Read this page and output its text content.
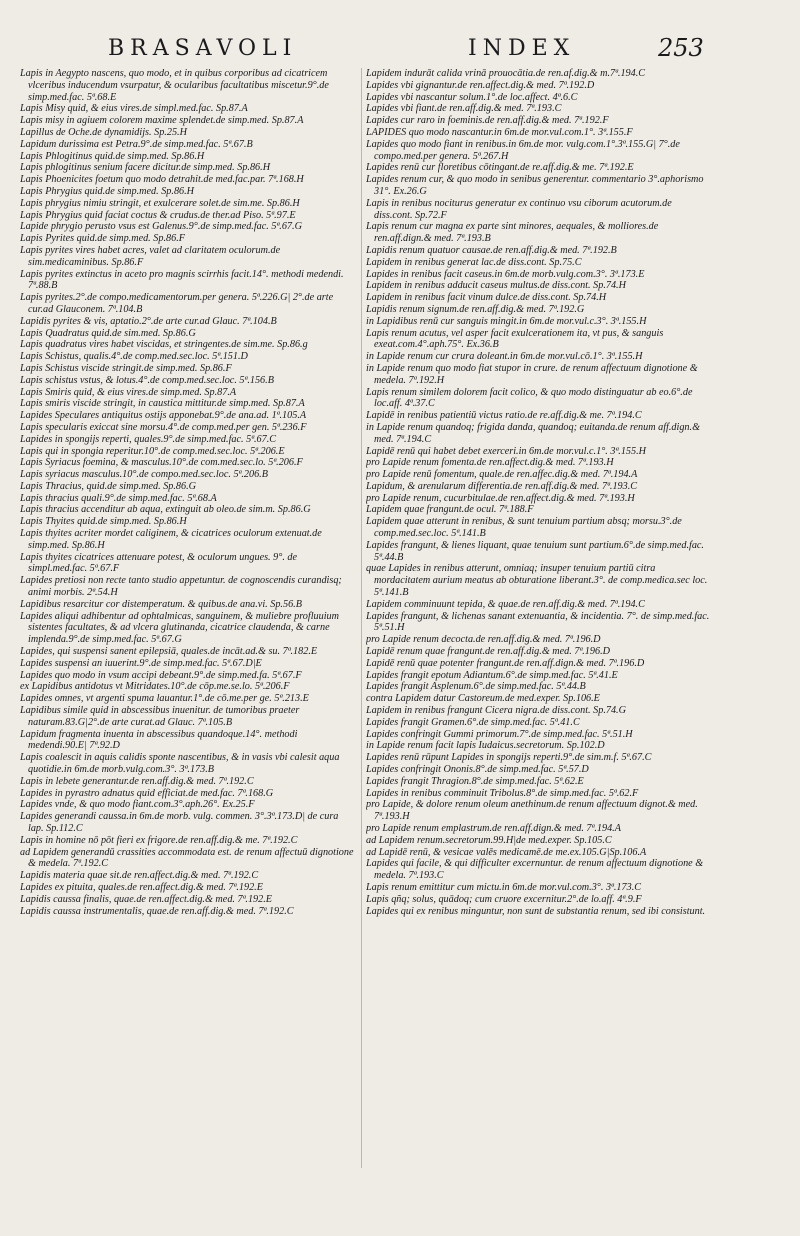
BRASAVOLI	INDEX	253

Lapis in Aegypto nascens, quo modo, et in quibus corporibus ad cicatricem vlceribus inducendum vsurpatur, & ocularibus facultatibus miscetur.9°.de simp.med.fac. 5ª.68.E

Lapis Misy quid, & eius vires.de simpl.med.fac. Sp.87.A

Lapis misy in agiuem colorem maxime splendet.de simp.med. Sp.87.A

Lapillus de Oche.de dynamidijs. Sp.25.H

Lapidum durissima est Petra.9°.de simp.med.fac. 5ª.67.B

Lapis Phlogitinus quid.de simp.med. Sp.86.H

Lapis phlogitinus senium facere dicitur.de simp.med. Sp.86.H

Lapis Phoenicites foetum quo modo detrahit.de med.fac.par. 7ª.168.H

Lapis Phrygius quid.de simp.med. Sp.86.H

Lapis phrygius nimiu stringit, et exulcerare solet.de sim.me. Sp.86.H

Lapis Phrygius quid faciat coctus & crudus.de ther.ad Piso. 5ª.97.E

Lapide phrygio perusto vsus est Galenus.9°.de simp.med.fac. 5ª.67.G

Lapis Pyrites quid.de simp.med. Sp.86.F

Lapis pyrites vires habet acres, valet ad claritatem oculorum.de sim.medicaminibus. Sp.86.F

Lapis pyrites extinctus in aceto pro magnis scirrhis facit.14°. methodi medendi. 7ª.88.B

Lapis pyrites.2°.de compo.medicamentorum.per genera. 5ª.226.G| 2°.de arte cur.ad Glauconem. 7ª.104.B

Lapidis pyrites & vis, aptatio.2°.de arte cur.ad Glauc. 7ª.104.B

Lapis Quadratus quid.de sim.med. Sp.86.G

Lapis quadratus vires habet viscidas, et stringentes.de sim.me. Sp.86.g

Lapis Schistus, qualis.4°.de comp.med.sec.loc. 5ª.151.D

Lapis Schistus viscide stringit.de simp.med. Sp.86.F

Lapis schistus vstus, & lotus.4°.de comp.med.sec.loc. 5ª.156.B

Lapis Smiris quid, & eius vires.de simp.med. Sp.87.A

Lapis smiris viscide stringit, in caustica mittitur.de simp.med. Sp.87.A

Lapides Speculares antiquitus ostijs apponebat.9°.de ana.ad. 1ª.105.A

Lapis specularis exiccat sine morsu.4°.de comp.med.per gen. 5ª.236.F

Lapides in spongijs reperti, quales.9°.de simp.med.fac. 5ª.67.C

Lapis qui in spongia reperitur.10°.de comp.med.sec.loc. 5ª.206.E

Lapis Syriacus foemina, & masculus.10°.de com.med.sec.lo. 5ª.206.F

Lapis syriacus masculus.10°.de compo.med.sec.loc. 5ª.206.B

Lapis Thracius, quid.de simp.med. Sp.86.G

Lapis thracius quali.9°.de simp.med.fac. 5ª.68.A

Lapis thracius accenditur ab aqua, extinguit ab oleo.de sim.m. Sp.86.G

Lapis Thyites quid.de simp.med. Sp.86.H

Lapis thyites acriter mordet caliginem, & cicatrices oculorum extenuat.de simp.med. Sp.86.H

Lapis thyites cicatrices attenuare potest, & oculorum ungues. 9°. de simpl.med.fac. 5ª.67.F

Lapides pretiosi non recte tanto studio appetuntur. de cognoscendis curandisq; animi morbis. 2ª.54.H

Lapidibus resarcitur cor distemperatum. & quibus.de ana.vi. Sp.56.B

Lapides aliqui adhibentur ad ophtalmicas, sanguinem, & muliebre profluuium sistentes facultates, & ad vlcera glutinanda, cicatrice claudenda, & carne implenda.9°.de simp.med.fac. 5ª.67.G

Lapides, qui suspensi sanent epilepsiā, quales.de incāt.ad.& su. 7ª.182.E

Lapides suspensi an iuuerint.9°.de simp.med.fac. 5ª.67.D|E

Lapides quo modo in vsum accipi debeant.9°.de simp.med.fa. 5ª.67.F

ex Lapidibus antidotus vt Mitridates.10°.de cōp.me.se.lo. 5ª.206.F

Lapides omnes, vt argenti spuma lauantur.1°.de cō.me.per ge. 5ª.213.E

Lapidibus simile quid in abscessibus inuenitur. de tumoribus praeter naturam.83.G|2°.de arte curat.ad Glauc. 7ª.105.B

Lapidum fragmenta inuenta in abscessibus quandoque.14°. methodi medendi.90.E| 7ª.92.D

Lapis coalescit in aquis calidis sponte nascentibus, & in vasis vbi calesit aqua quotidie.in 6m.de morb.vulg.com.3°. 3ª.173.B

Lapis in lebete generantur.de ren.aff.dig.& med. 7ª.192.C

Lapides in pyrastro adnatus quid efficiat.de med.fac. 7ª.168.G

Lapides vnde, & quo modo fiant.com.3°.aph.26°. Ex.25.F

Lapides generandi caussa.in 6m.de morb. vulg. commen. 3°.3ª.173.D| de cura lap. Sp.112.C

Lapis in homine nō pōt fieri ex frigore.de ren.aff.dig.& me. 7ª.192.C

ad Lapidem generandū crassities accommodata est. de renum affectuū dignotione & medela. 7ª.192.C

Lapidis materia quae sit.de ren.affect.dig.& med. 7ª.192.C

Lapides ex pituita, quales.de ren.affect.dig.& med. 7ª.192.E

Lapidis caussa finalis, quae.de ren.affect.dig.& med. 7ª.192.E

Lapidis caussa instrumentalis, quae.de ren.aff.dig.& med. 7ª.192.C

Lapidem indurāt calida vrinā prouocātia.de ren.af.dig.& m.7ª.194.C

Lapides vbi gignantur.de ren.affect.dig.& med. 7ª.192.D

Lapides vbi nascantur solum.1°.de loc.affect. 4ª.6.C

Lapides vbi fiant.de ren.aff.dig.& med. 7ª.193.C

Lapides cur raro in foeminis.de ren.aff.dig.& med. 7ª.192.F

LAPIDES quo modo nascantur.in 6m.de mor.vul.com.1°. 3ª.155.F

Lapides quo modo fiant in renibus.in 6m.de mor. vulg.com.1°.3ª.155.G| 7°.de compo.med.per genera. 5ª.267.H

Lapides renū cur floretibus cōtingant.de re.aff.dig.& me. 7ª.192.E

Lapides renum cur, & quo modo in senibus generentur. commentario 3°.aphorismo 31°. Ex.26.G

Lapis in renibus nociturus generatur ex continuo vsu ciborum acutorum.de diss.cont. Sp.72.F

Lapis renum cur magna ex parte sint minores, aequales, & molliores.de ren.aff.dign.& med. 7ª.193.B

Lapidis renum quatuor causae.de ren.aff.dig.& med. 7ª.192.B

Lapidem in renibus generat lac.de diss.cont. Sp.75.C

Lapides in renibus facit caseus.in 6m.de morb.vulg.com.3°. 3ª.173.E

Lapidem in renibus adducit caseus multus.de diss.cont. Sp.74.H

Lapidem in renibus facit vinum dulce.de diss.cont. Sp.74.H

Lapidis renum signum.de ren.aff.dig.& med. 7ª.192.G

in Lapidibus renū cur sanguis mingit.in 6m.de mor.vul.c.3°. 3ª.155.H

Lapis renum acutus, vel asper facit exulcerationem ita, vt pus, & sanguis exeat.com.4°.aph.75°. Ex.36.B

in Lapide renum cur crura doleant.in 6m.de mor.vul.cō.1°. 3ª.155.H

in Lapide renum quo modo fiat stupor in crure. de renum affectuum dignotione & medela. 7ª.192.H

Lapis renum similem dolorem facit colico, & quo modo distinguatur ab eo.6°.de loc.aff. 4ª.37.C

Lapidē in renibus patientiū victus ratio.de re.aff.dig.& me. 7ª.194.C

in Lapide renum quandoq; frigida danda, quandoq; euitanda.de renum aff.dign.& med. 7ª.194.C

Lapidē renū qui habet debet exerceri.in 6m.de mor.vul.c.1°. 3ª.155.H

pro Lapide renum fomenta.de ren.affect.dig.& med. 7ª.193.H

pro Lapide renū fomentum, quale.de ren.affec.dig.& med. 7ª.194.A

Lapidum, & arenularum differentia.de ren.aff.dig.& med. 7ª.193.C

pro Lapide renum, cucurbitulae.de ren.affect.dig.& med. 7ª.193.H

Lapidem quae frangunt.de ocul. 7ª.188.F

Lapidem quae atterunt in renibus, & sunt tenuium partium absq; morsu.3°.de comp.med.sec.loc. 5ª.141.B

Lapides frangunt, & lienes liquant, quae tenuium sunt partium.6°.de simp.med.fac. 5ª.44.B

quae Lapides in renibus atterunt, omniaq; insuper tenuium partiū citra mordacitatem aurium meatus ab obturatione liberant.3°. de comp.medica.sec loc. 5ª.141.B

Lapidem comminuunt tepida, & quae.de ren.aff.dig.& med. 7ª.194.C

Lapides frangunt, & lichenas sanant extenuantia, & incidentia. 7°. de simp.med.fac. 5ª.51.H

pro Lapide renum decocta.de ren.aff.dig.& med. 7ª.196.D

Lapidē renum quae frangunt.de ren.aff.dig.& med. 7ª.196.D

Lapidē renū quae potenter frangunt.de ren.aff.dign.& med. 7ª.196.D

Lapides frangit epotum Adiantum.6°.de simp.med.fac. 5ª.41.E

Lapides frangit Asplenum.6°.de simp.med.fac. 5ª.44.B

contra Lapidem datur Castoreum.de med.exper. Sp.106.E

Lapidem in renibus frangunt Cicera nigra.de diss.cont. Sp.74.G

Lapides frangit Gramen.6°.de simp.med.fac. 5ª.41.C

Lapides confringit Gummi primorum.7°.de simp.med.fac. 5ª.51.H

in Lapide renum facit lapis Iudaicus.secretorum. Sp.102.D

Lapides renū rūpunt Lapides in spongijs reperti.9°.de sim.m.f. 5ª.67.C

Lapides confringit Ononis.8°.de simp.med.fac. 5ª.57.D

Lapides frangit Thragion.8°.de simp.med.fac. 5ª.62.E

Lapides in renibus comminuit Tribolus.8°.de simp.med.fac. 5ª.62.F

pro Lapide, & dolore renum oleum anethinum.de renum affectuum dignot.& med. 7ª.193.H

pro Lapide renum emplastrum.de ren.aff.dign.& med. 7ª.194.A

ad Lapidem renum.secretorum.99.H|de med.exper. Sp.105.C

ad Lapidē renū, & vesicae valēs medicamē.de me.ex.105.G|Sp.106.A

Lapides qui facile, & qui difficulter excernuntur. de renum affectuum dignotione & medela. 7ª.193.C

Lapis renum emittitur cum mictu.in 6m.de mor.vul.com.3°. 3ª.173.C

Lapis qñq; solus, quādoq; cum cruore excernitur.2°.de lo.aff. 4ª.9.F

Lapides qui ex renibus minguntur, non sunt de substantia renum, sed ibi consistunt.
